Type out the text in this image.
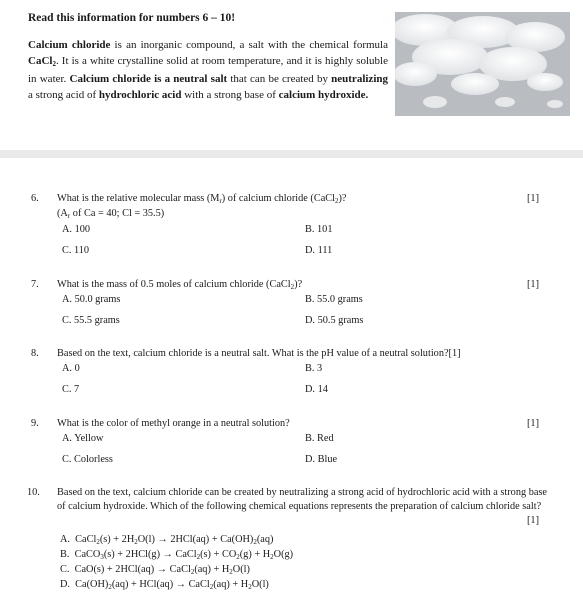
Read this information for numbers 6 – 10!
Calcium chloride is an inorganic compound, a salt with the chemical formula CaCl$_2$. It is a white crystalline solid at room temperature, and it is highly soluble in water. Calcium chloride is a neutral salt that can be created by neutralizing a strong acid of hydrochloric acid with a strong base of calcium hydroxide.
6. What is the relative molecular mass $(M_r)$ of calcium chloride (CaCl$_2$)?	[1]
($A_r$ of Ca = 40; Cl = 35.5)
A. 100	B. 101
C. 110	D. 111
7. What is the mass of 0.5 moles of calcium chloride (CaCl$_2$)?	[1]
A. 50.0 grams	B. 55.0 grams
C. 55.5 grams	D. 50.5 grams
8. Based on the text, calcium chloride is a neutral salt. What is the pH value of a neutral solution?[1]
A. 0	B. 3
C. 7	D. 14
9. What is the color of methyl orange in a neutral solution?	[1]
A. Yellow	B. Red
C. Colorless	D. Blue
10. Based on the text, calcium chloride can be created by neutralizing a strong acid of hydrochloric acid with a strong base of calcium hydroxide. Which of the following chemical equations represents the preparation of calcium chloride salt?
[1]
A. CaCl$_2$(s) + $2H_2O(l) \to 2HCl(aq) + Ca(OH)_2(aq)$
B. CaCO$_3$(s) + 2HCl(g) → CaCl$_2$(s) + $CO_2(g) + H_2O(g)$
C. CaO(s) + 2HCl(aq) → CaCl$_2$(aq) + $H_2O(l)$
D. $Ca(OH)_2(aq) + HCl(aq)$ → CaCl$_2$(aq) + $H_2O(l)$
